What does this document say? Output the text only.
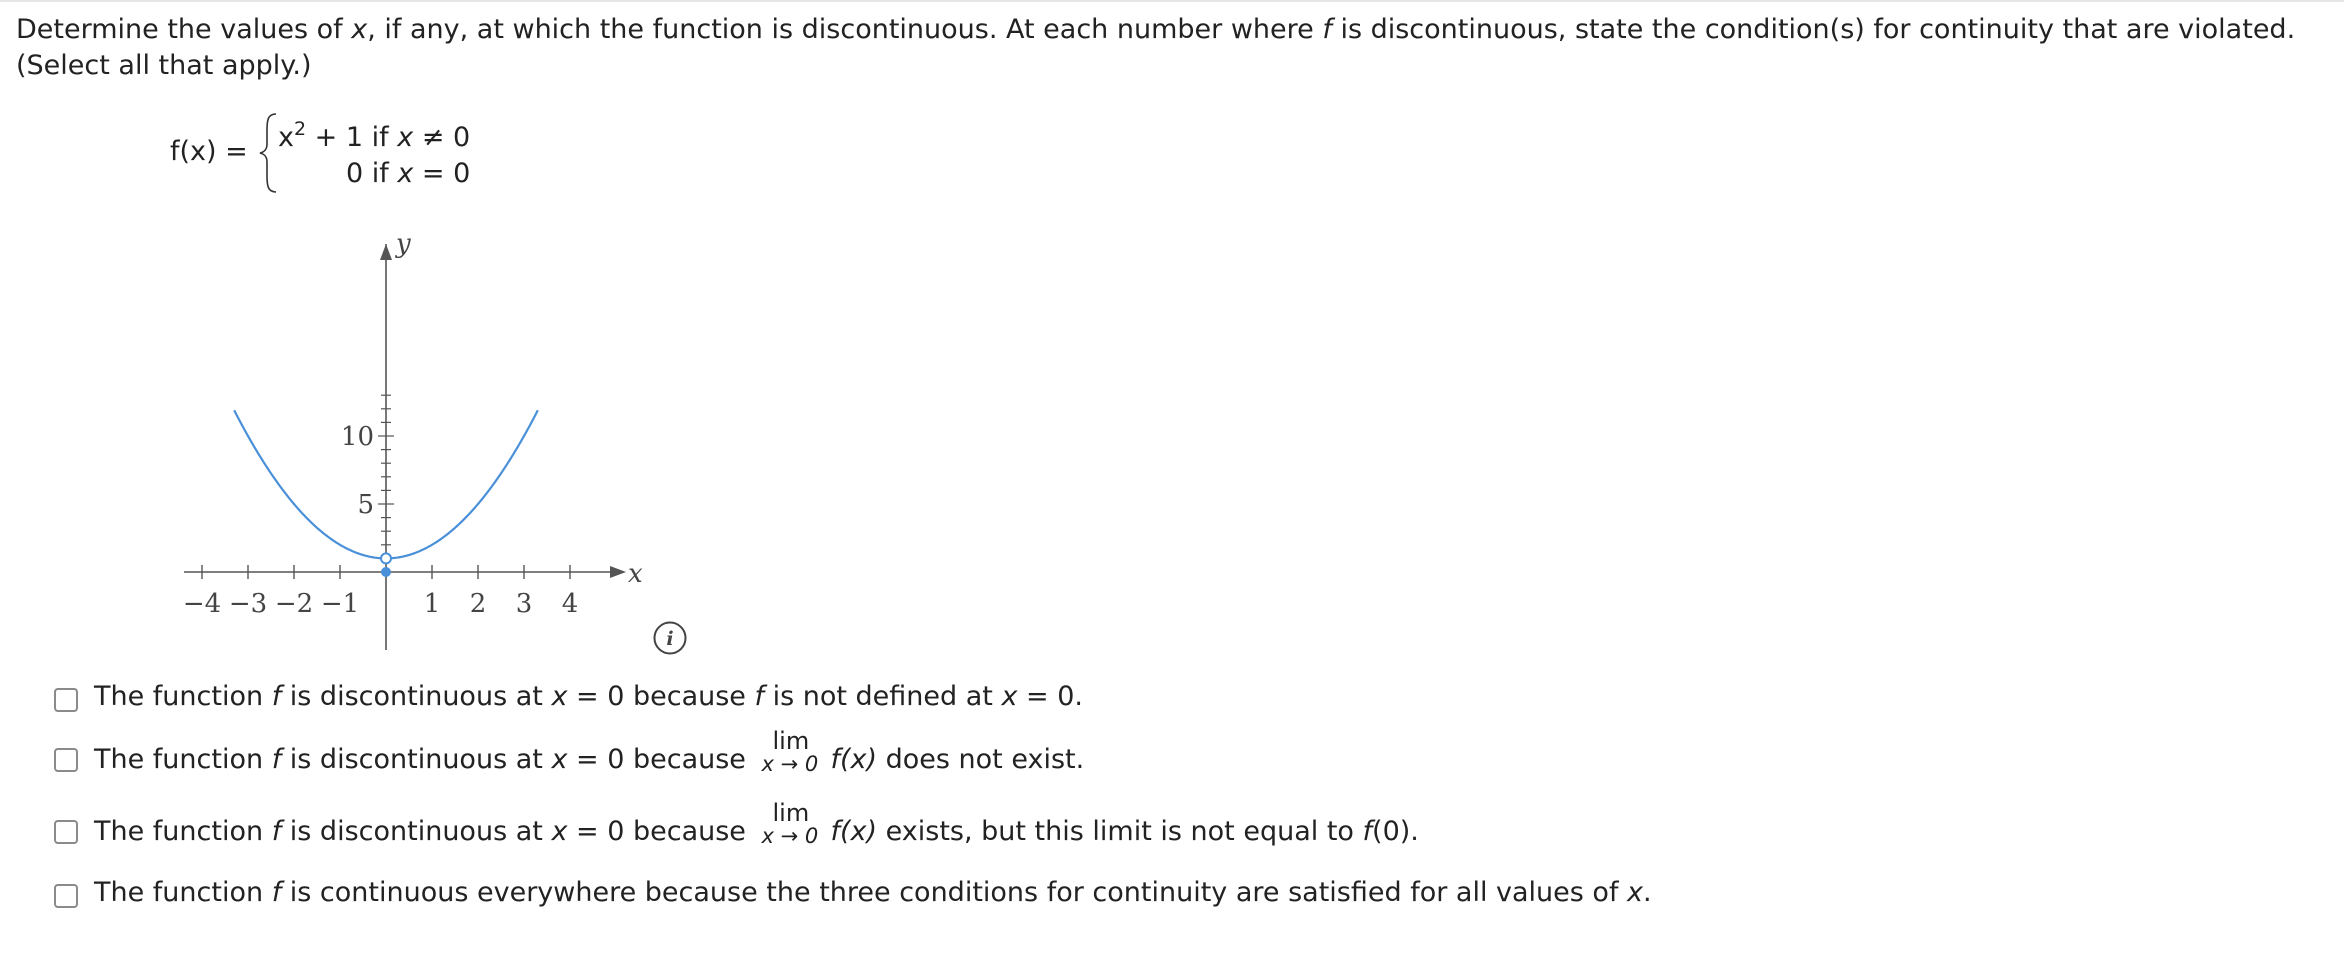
Determine the values of x, if any, at which the function is discontinuous. At each number where f is discontinuous, state the condition(s) for continuity that are violated. (Select all that apply.)

$f(x) = x^2 + 1$ if x ≠ 0
0 if x = 0
−4 −3 −2 −1 1 2 3 4
5
10
x
y
i
The function f is discontinuous at x = 0 because f is not defined at x = 0.
The function f is discontinuous at x = 0 because
lim
x → 0 f(x) does not exist.
The function f is discontinuous at x = 0 because
lim
x → 0 f(x) exists, but this limit is not equal to f(0).
The function f is continuous everywhere because the three conditions for continuity are satisfied for all values of x.
